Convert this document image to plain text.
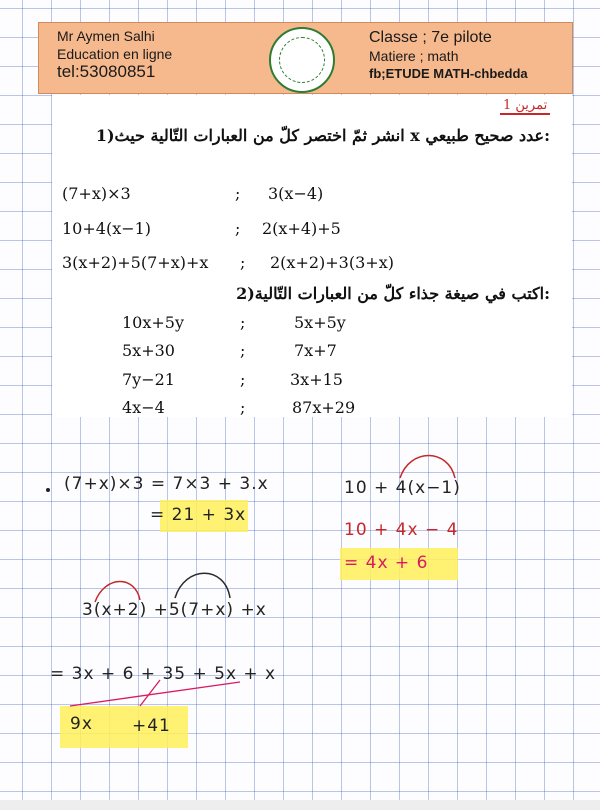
Mr Aymen Salhi
Education en ligne
tel:53080851
Classe ; 7e pilote
Matiere ; math
fb;ETUDE MATH-chbedda
تمرين 1
1)انشر ثمّ اختصر كلّ من العبارات التّالية حيث x عدد صحيح طبيعي:
(7+x)×3	; 3(x−4)
10+4(x−1)	; 2(x+4)+5
3(x+2)+5(7+x)+x ; 2(x+2)+3(3+x)
2)اكتب في صيغة جذاء كلّ من العبارات التّالية:
10x+5y	;	5x+5y
5x+30	;	7x+7
7y−21	;	3x+15
4x−4	;	87x+29
(7+x)×3 = 7×3 + 3.x
= 21 + 3x
10 + 4(x−1)
10 + 4x − 4
= 4x + 6
3(x+2) +5(7+x) +x
= 3x + 6 + 35 + 5x + x
9x +41
